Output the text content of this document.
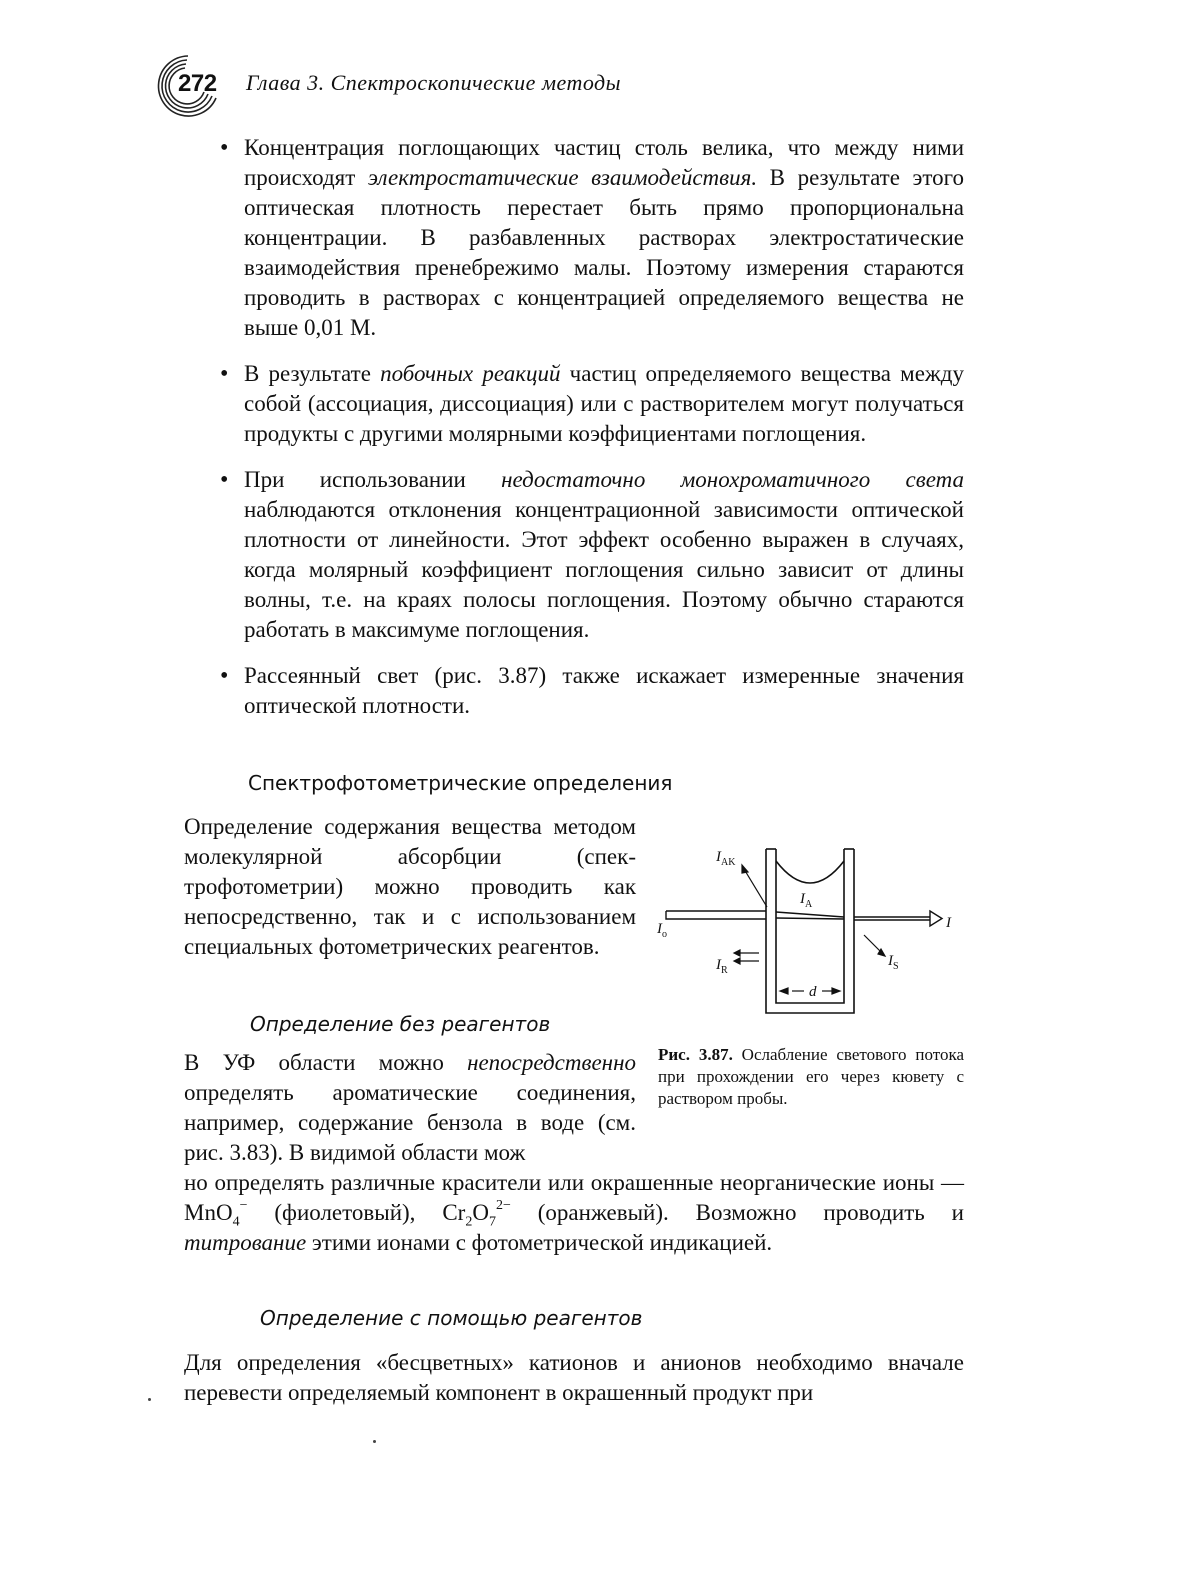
272 Глава 3. Спектроскопические методы
• Концентрация поглощающих частиц столь велика, что между ними происходят электростатические взаимодействия. В результате этого оптическая плотность перестает быть прямо пропорциональна концентрации. В разбавленных растворах электростатические взаимодействия пренебрежимо малы. Поэтому измерения стараются проводить в растворах с концентрацией определяемого вещества не выше 0,01 М.
• В результате побочных реакций частиц определяемого вещества между собой (ассоциация, диссоциация) или с растворителем могут получаться продукты с другими молярными коэффициентами поглощения.
• При использовании недостаточно монохроматичного света наблюдаются отклонения концентрационной зависимости оптической плотности от линейности. Этот эффект особенно выражен в случаях, когда молярный коэффициент поглощения сильно зависит от длины волны, т.е. на краях полосы поглощения. Поэтому обычно стараются работать в максимуме поглощения.
• Рассеянный свет (рис. 3.87) также искажает измеренные значения оптической плотности.
Спектрофотометрические определения

Определение содержания вещества методом молекулярной абсорбции (спектрофотометрии) можно проводить как непосредственно, так и с использованием специальных фотометрических реагентов.

$I_{AK}$
$I_A$
$I_o$
I
$I_R$
$I_S$
d
Рис. 3.87. Ослабление светового потока при прохождении его через кювету с раствором пробы.
Определение без реагентов

В УФ области можно непосредственно определять ароматические соединения, например, содержание бензола в воде (см. рис. 3.83). В видимой области мож

но определять различные красители или окрашенные неорганические ионы — MnO$_4$− (фиолетовый), $Cr_2O_7^{2-}$ (оранжевый). Возможно проводить и титрование этими ионами с фотометрической индикацией.

Определение с помощью реагентов

Для определения «бесцветных» катионов и анионов необходимо вначале перевести определяемый компонент в окрашенный продукт при
